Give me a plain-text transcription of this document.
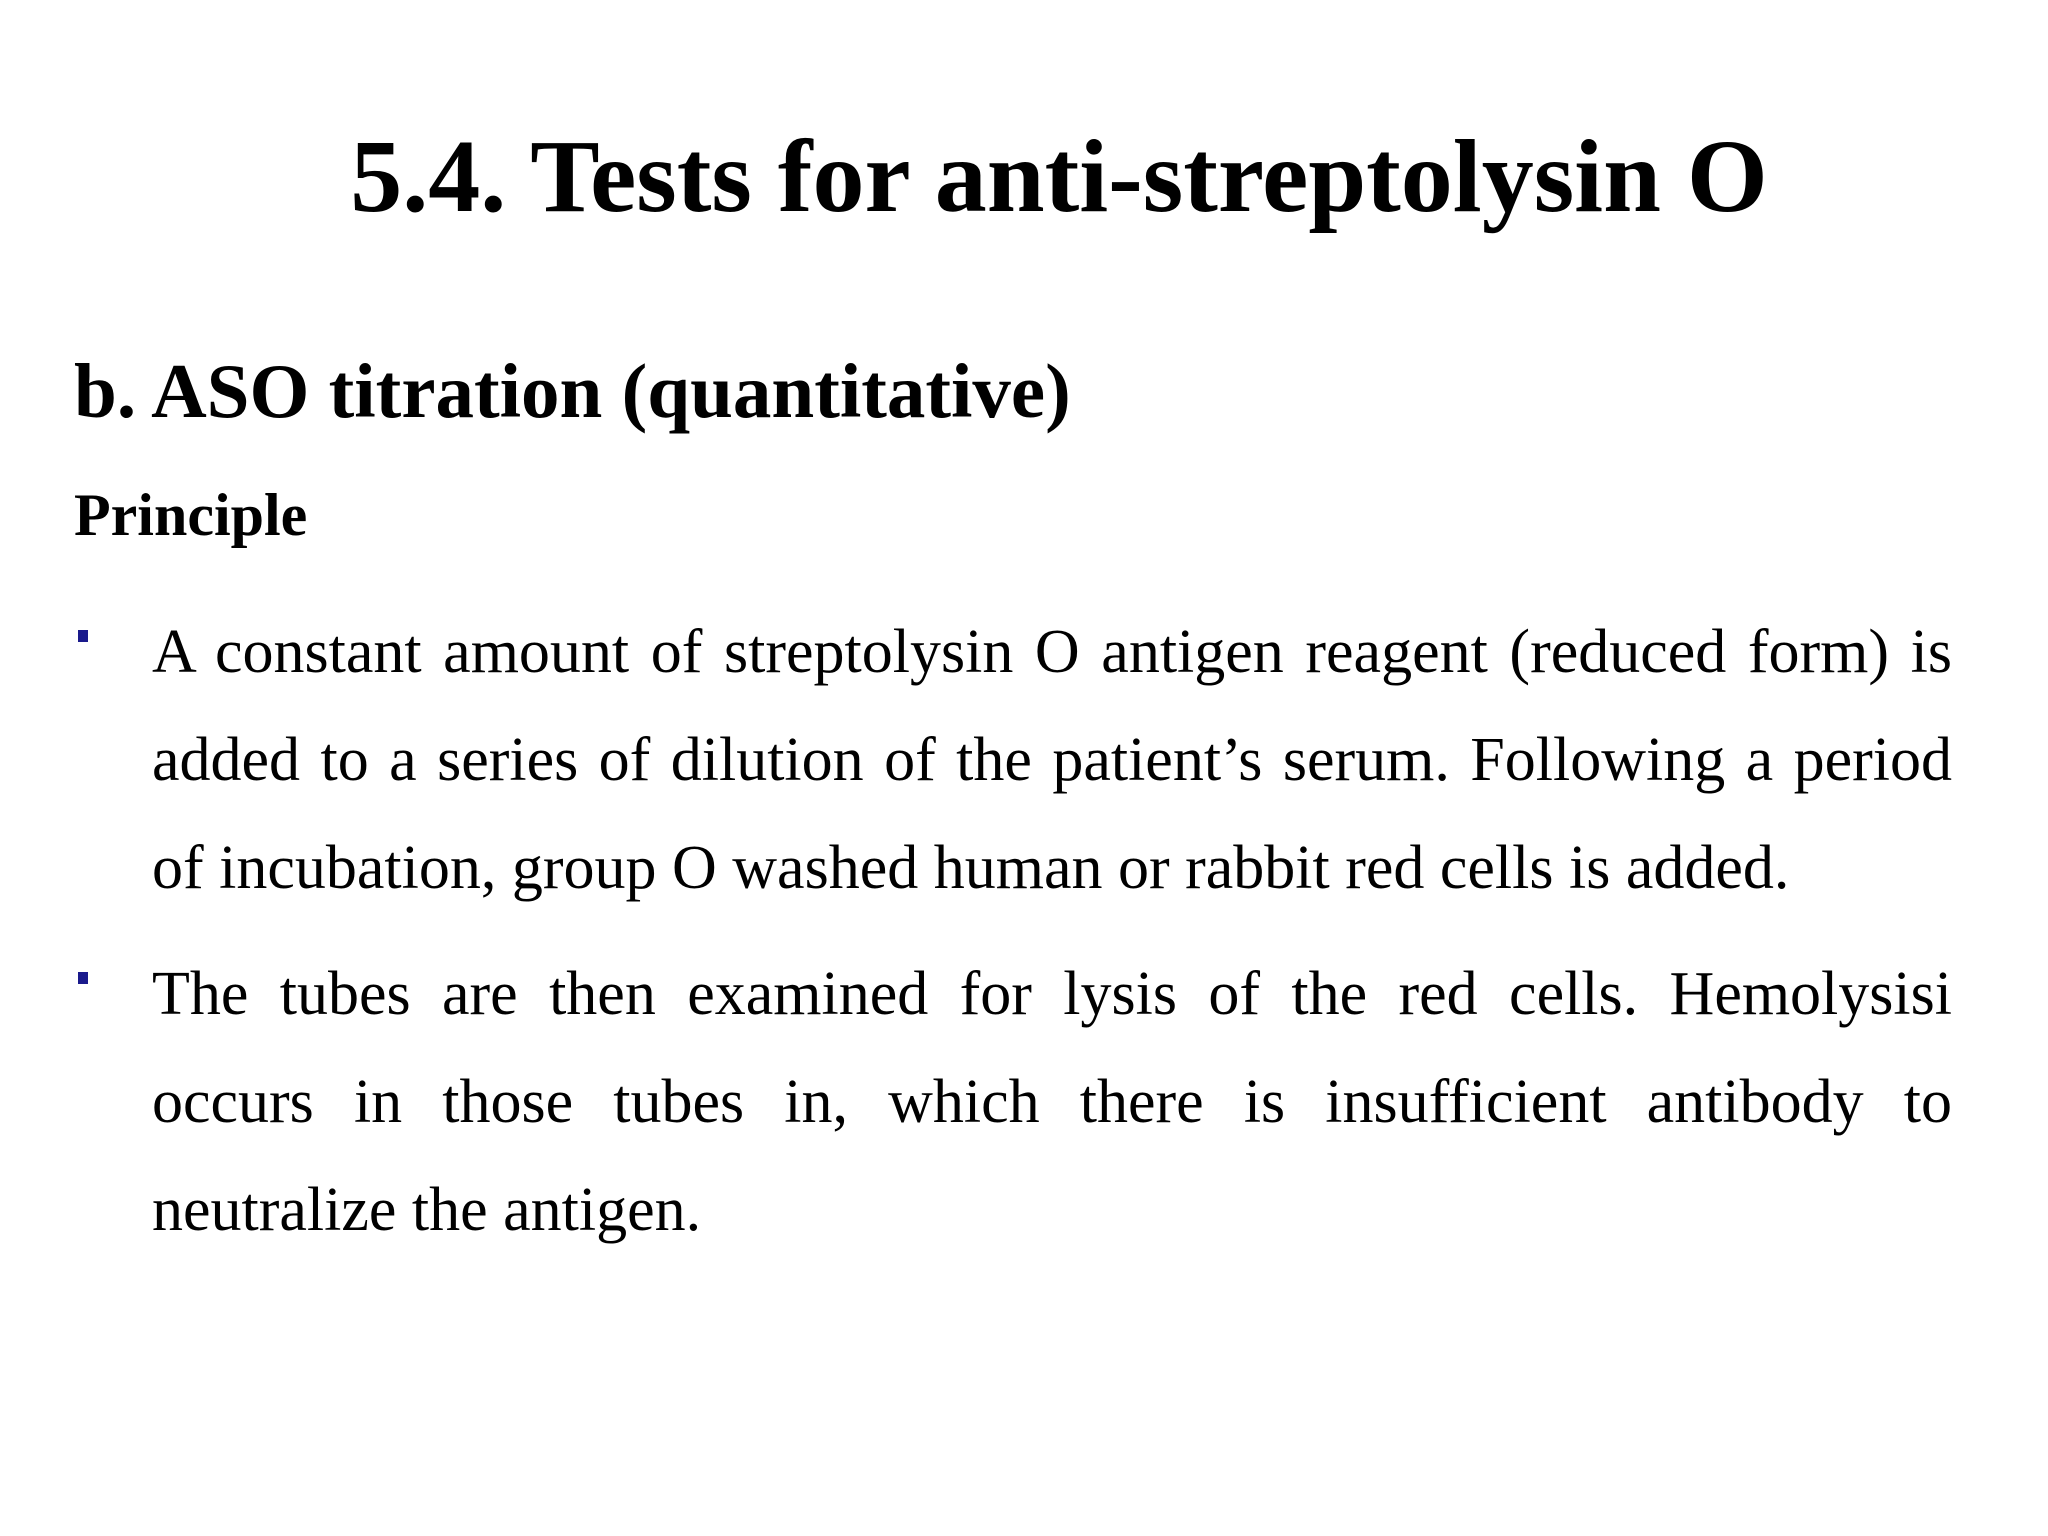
5.4. Tests for anti-streptolysin O
b. ASO titration (quantitative)
Principle
A constant amount of streptolysin O antigen reagent (reduced form) is added to a series of dilution of the patient’s serum. Following a period of incubation, group O washed human or rabbit red cells is added.
The tubes are then examined for lysis of the red cells. Hemolysisi occurs in those tubes in, which there is insufficient antibody to neutralize the antigen.
